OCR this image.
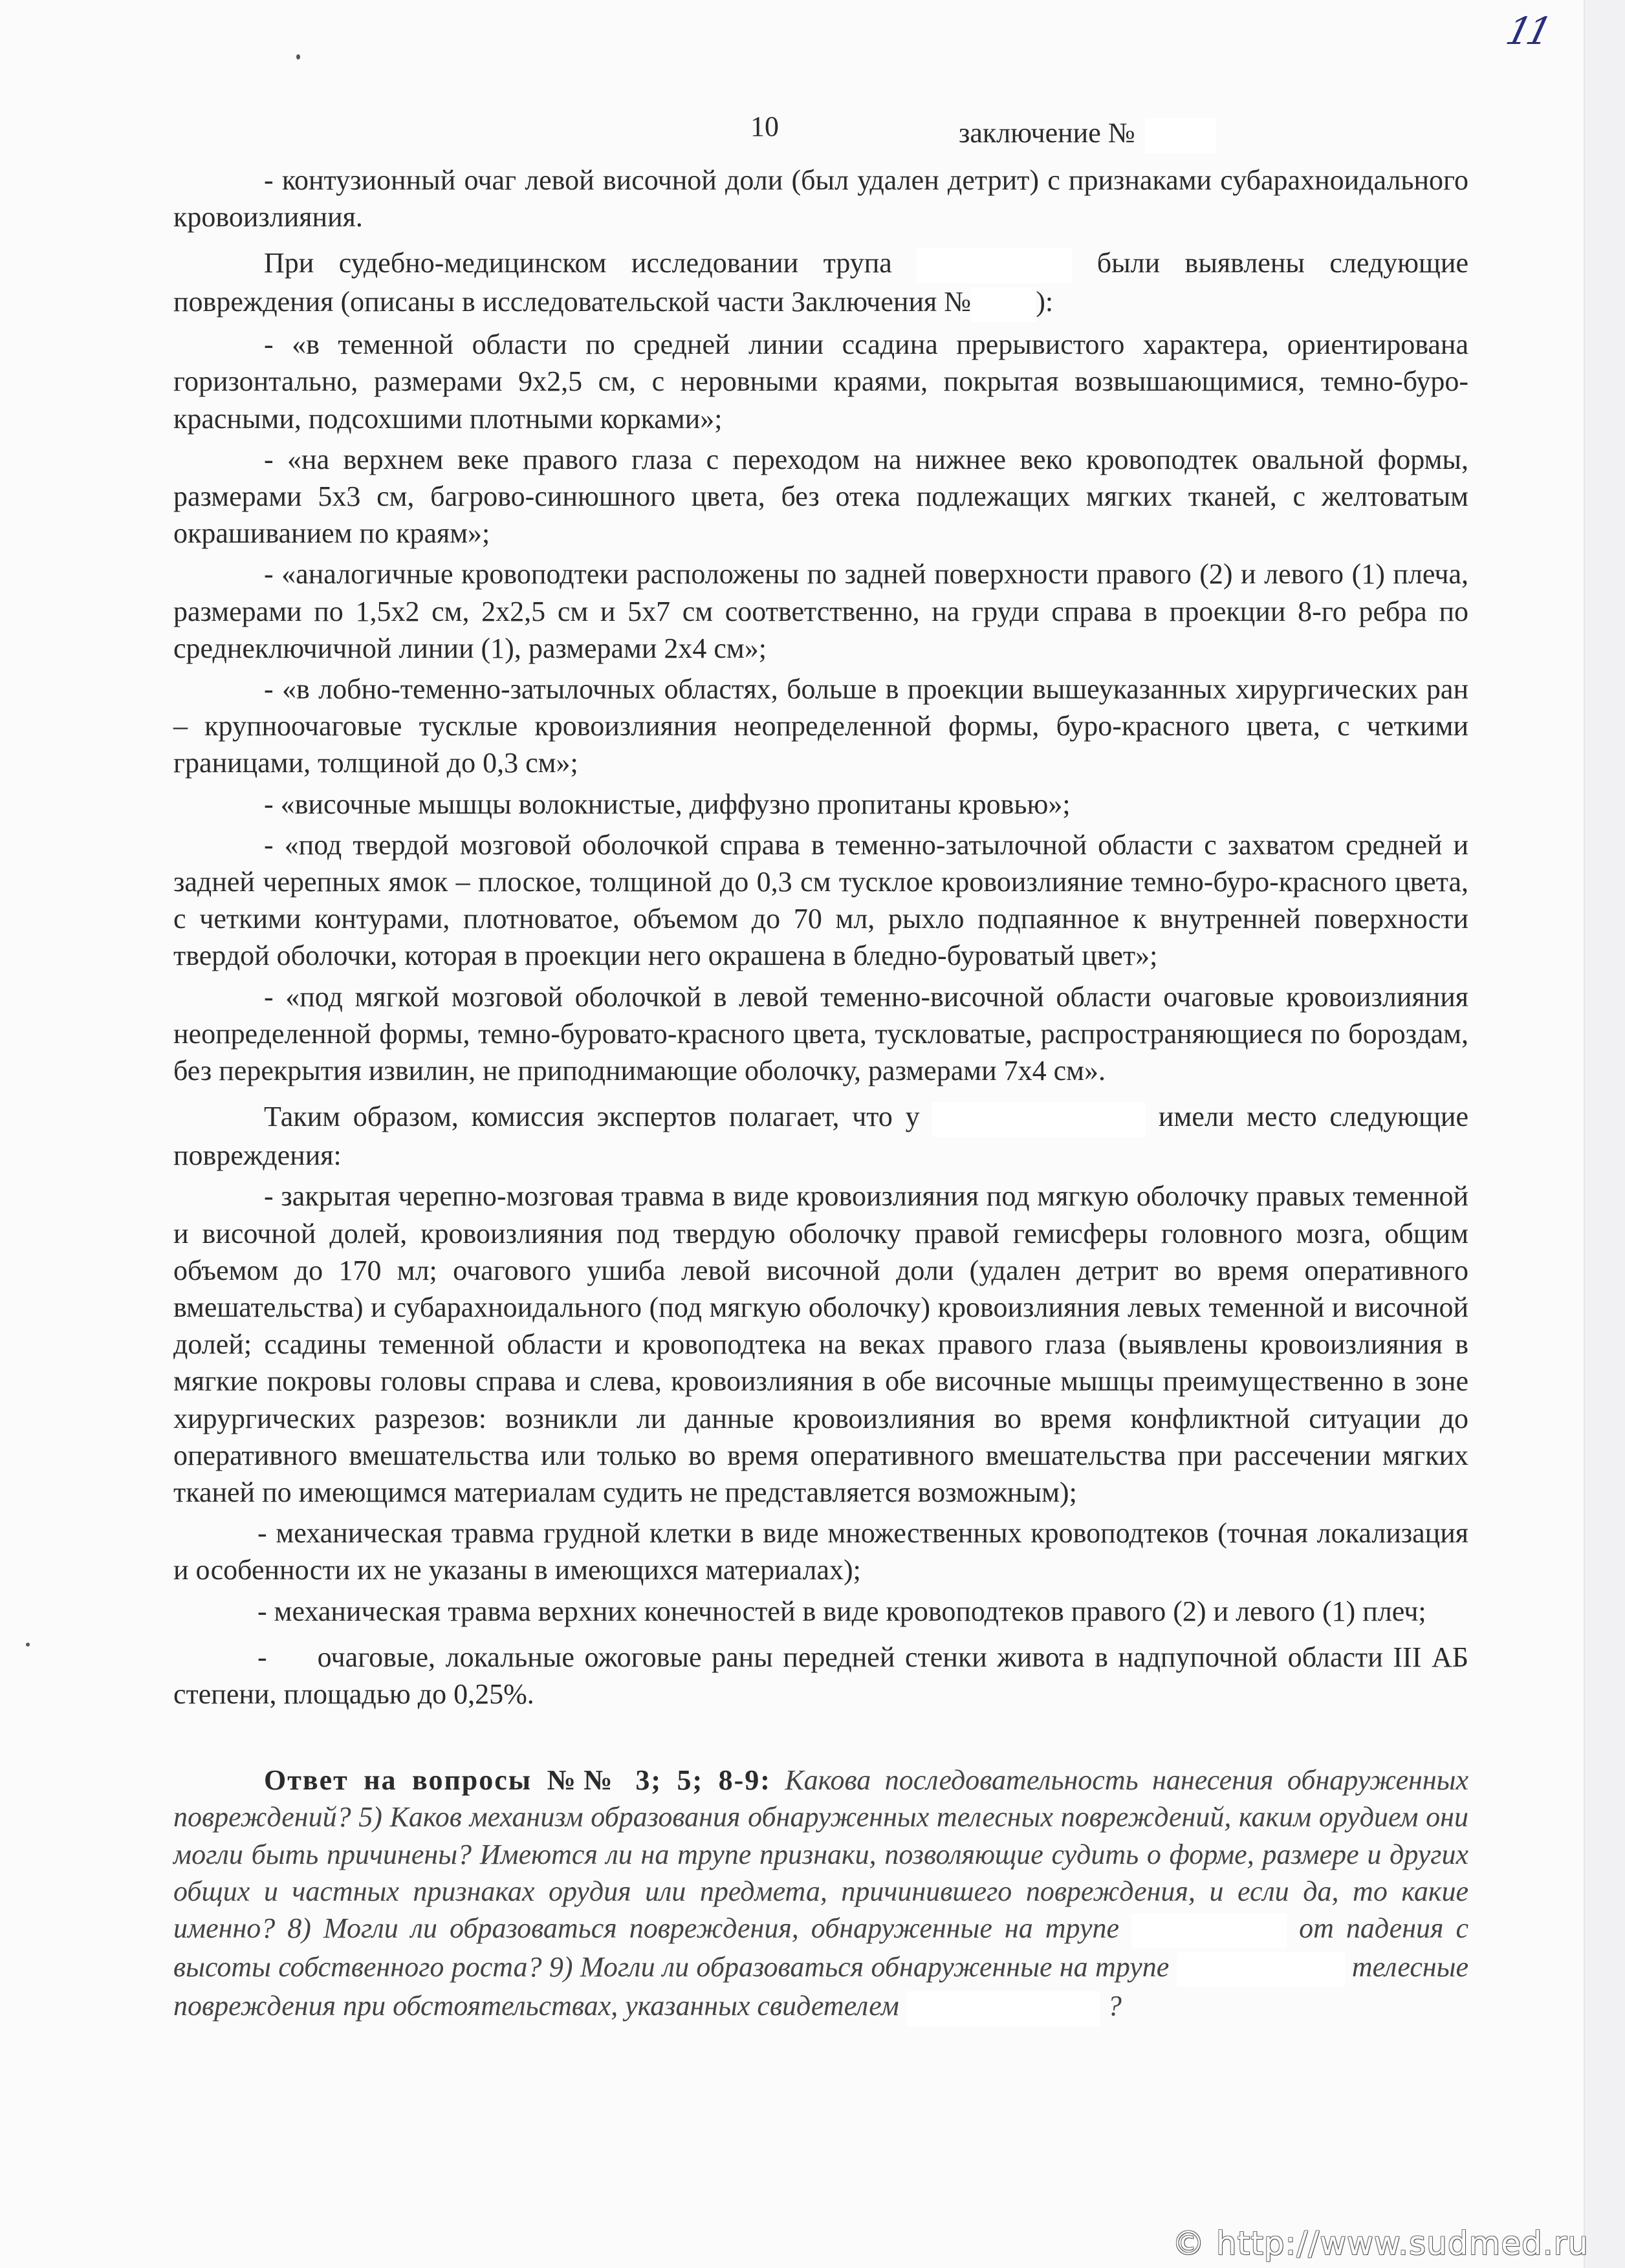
11
10	заключение №

- контузионный очаг левой височной доли (был удален детрит) с признаками субарахноидального кровоизлияния.

При судебно-медицинском исследовании трупа	были выявлены следующие повреждения (описаны в исследовательской части Заключения № ):

- «в теменной области по средней линии ссадина прерывистого характера, ориентирована горизонтально, размерами 9х2,5 см, с неровными краями, покрытая возвышающимися, темно-буро-красными, подсохшими плотными корками»;

- «на верхнем веке правого глаза с переходом на нижнее веко кровоподтек овальной формы, размерами 5х3 см, багрово-синюшного цвета, без отека подлежащих мягких тканей, с желтоватым окрашиванием по краям»;

- «аналогичные кровоподтеки расположены по задней поверхности правого (2) и левого (1) плеча, размерами по 1,5х2 см, 2х2,5 см и 5х7 см соответственно, на груди справа в проекции 8-го ребра по среднеключичной линии (1), размерами 2х4 см»;

- «в лобно-теменно-затылочных областях, больше в проекции вышеуказанных хирургических ран – крупноочаговые тусклые кровоизлияния неопределенной формы, буро-красного цвета, с четкими границами, толщиной до 0,3 см»;

- «височные мышцы волокнистые, диффузно пропитаны кровью»;

- «под твердой мозговой оболочкой справа в теменно-затылочной области с захватом средней и задней черепных ямок – плоское, толщиной до 0,3 см тусклое кровоизлияние темно-буро-красного цвета, с четкими контурами, плотноватое, объемом до 70 мл, рыхло подпаянное к внутренней поверхности твердой оболочки, которая в проекции него окрашена в бледно-буроватый цвет»;

- «под мягкой мозговой оболочкой в левой теменно-височной области очаговые кровоизлияния неопределенной формы, темно-буровато-красного цвета, тускловатые, распространяющиеся по бороздам, без перекрытия извилин, не приподнимающие оболочку, размерами 7х4 см».

Таким образом, комиссия экспертов полагает, что у	имели место следующие повреждения:

- закрытая черепно-мозговая травма в виде кровоизлияния под мягкую оболочку правых теменной и височной долей, кровоизлияния под твердую оболочку правой гемисферы головного мозга, общим объемом до 170 мл; очагового ушиба левой височной доли (удален детрит во время оперативного вмешательства) и субарахноидального (под мягкую оболочку) кровоизлияния левых теменной и височной долей; ссадины теменной области и кровоподтека на веках правого глаза (выявлены кровоизлияния в мягкие покровы головы справа и слева, кровоизлияния в обе височные мышцы преимущественно в зоне хирургических разрезов: возникли ли данные кровоизлияния во время конфликтной ситуации до оперативного вмешательства или только во время оперативного вмешательства при рассечении мягких тканей по имеющимся материалам судить не представляется возможным);

- механическая травма грудной клетки в виде множественных кровоподтеков (точная локализация и особенности их не указаны в имеющихся материалах);

- механическая травма верхних конечностей в виде кровоподтеков правого (2) и левого (1) плеч;

-     очаговые, локальные ожоговые раны передней стенки живота в надпупочной области III АБ степени, площадью до 0,25%.

Ответ на вопросы №№ 3; 5; 8-9: Какова последовательность нанесения обнаруженных повреждений? 5) Каков механизм образования обнаруженных телесных повреждений, каким орудием они могли быть причинены? Имеются ли на трупе признаки, позволяющие судить о форме, размере и других общих и частных признаках орудия или предмета, причинившего повреждения, и если да, то какие именно? 8) Могли ли образоваться повреждения, обнаруженные на трупе	от падения с высоты собственного роста? 9) Могли ли образоваться обнаруженные на трупе	телесные повреждения при обстоятельствах, указанных свидетелем	?

© http://www.sudmed.ru
